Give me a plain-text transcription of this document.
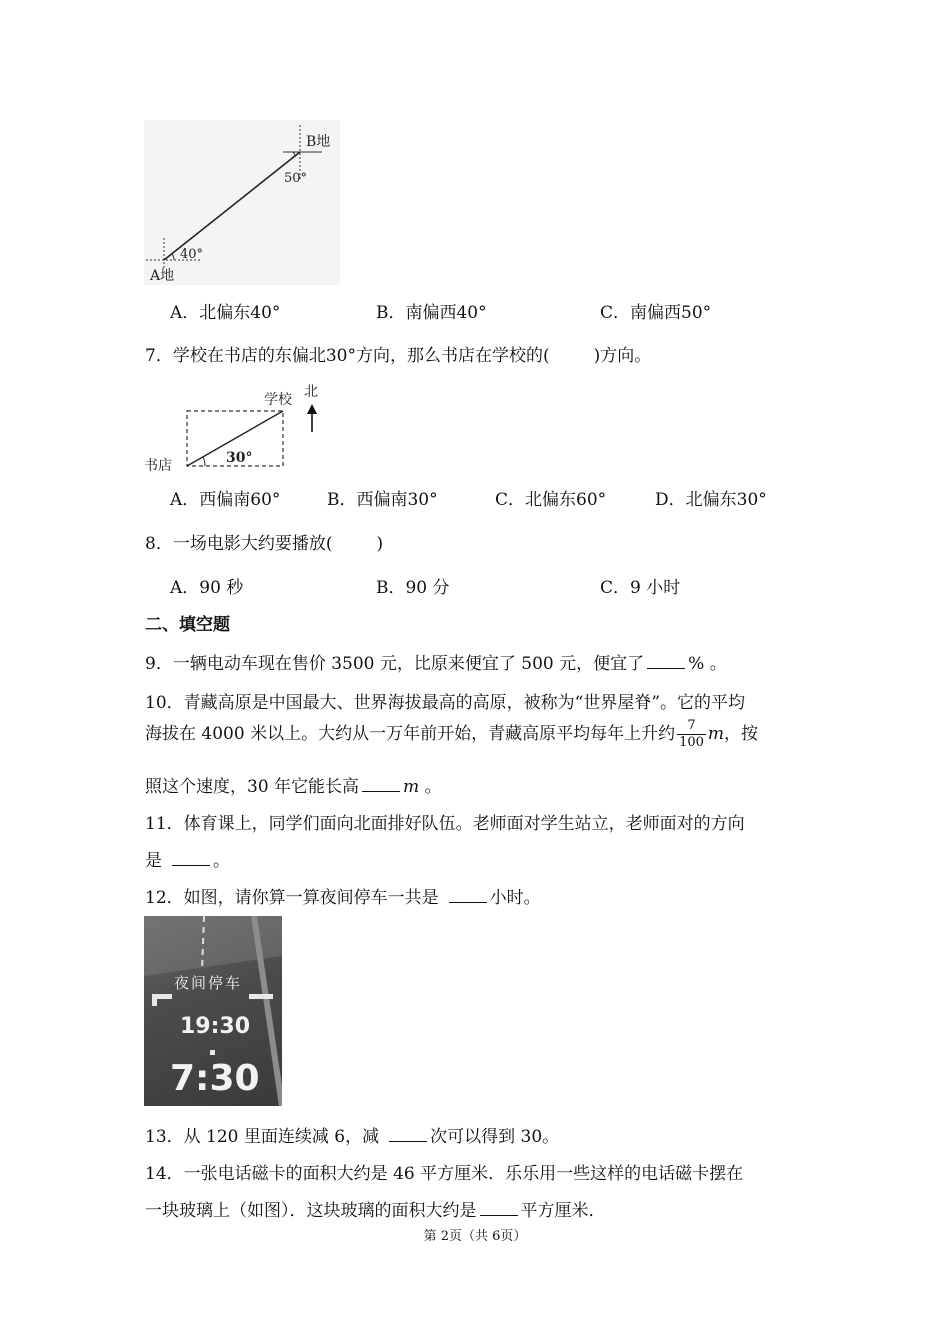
B地
50°
40°
A地
A．北偏东40°	B．南偏西40°	C．南偏西50°
7．学校在书店的东偏北30°方向，那么书店在学校的(	)方向。
学校 北
书店	30°
A．西偏南60°	B．西偏南30°	C．北偏东60°	D．北偏东30°
8．一场电影大约要播放(	)
A．90 秒	B．90 分	C．9 小时
二、填空题
9．一辆电动车现在售价 3500 元，比原来便宜了 500 元，便宜了	% 。
10．青藏高原是中国最大、世界海拔最高的高原，被称为“世界屋脊”。它的平均
海拔在 4000 米以上。大约从一万年前开始，青藏高原平均每年上升约 $\frac{7}{100}$ m，按
照这个速度，30 年它能长高	m 。
11．体育课上，同学们面向北面排好队伍。老师面对学生站立，老师面对的方向
是	。
12．如图，请你算一算夜间停车一共是	小时。
夜间停车
19:30
7:30
13．从 120 里面连续减 6，减	次可以得到 30。
14．一张电话磁卡的面积大约是 46 平方厘米．乐乐用一些这样的电话磁卡摆在
一块玻璃上（如图）．这块玻璃的面积大约是	平方厘米．
第 2页（共 6页）
